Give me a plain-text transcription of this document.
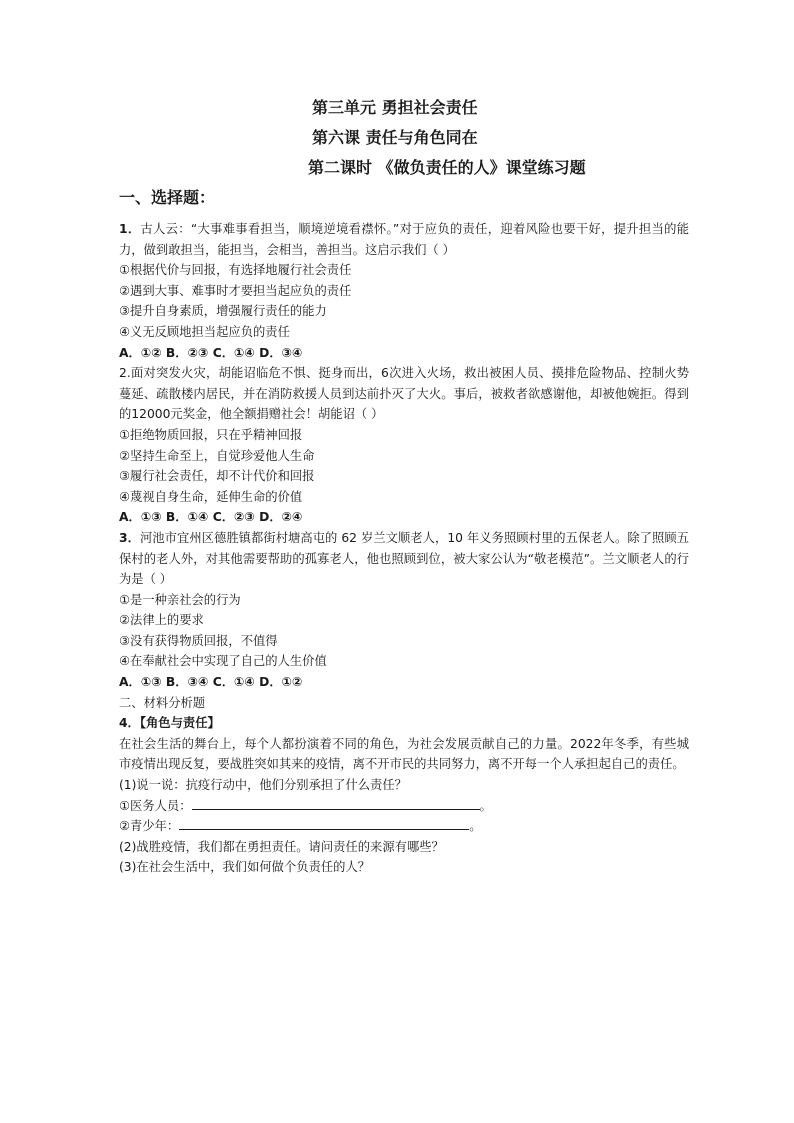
第三单元 勇担社会责任
第六课 责任与角色同在
第二课时 《做负责任的人》课堂练习题
一、选择题：

1．古人云：“大事难事看担当，顺境逆境看襟怀。”对于应负的责任，迎着风险也要干好，提升担当的能力，做到敢担当，能担当，会相当，善担当。这启示我们（ ）

①根据代价与回报，有选择地履行社会责任

②遇到大事、难事时才要担当起应负的责任

③提升自身素质，增强履行责任的能力

④义无反顾地担当起应负的责任

A．①② B．②③ C．①④ D．③④

2.面对突发火灾，胡能诏临危不惧、挺身而出，6次进入火场，救出被困人员、摸排危险物品、控制火势蔓延、疏散楼内居民，并在消防救援人员到达前扑灭了大火。事后，被救者欲感谢他，却被他婉拒。得到的12000元奖金，他全额捐赠社会！胡能诏（ ）

①拒绝物质回报，只在乎精神回报

②坚持生命至上，自觉珍爱他人生命

③履行社会责任，却不计代价和回报

④蔑视自身生命，延伸生命的价值

A．①③ B．①④ C．②③ D．②④

3．河池市宜州区德胜镇都街村塘高屯的 62 岁兰文顺老人，10 年义务照顾村里的五保老人。除了照顾五保村的老人外，对其他需要帮助的孤寡老人，他也照顾到位，被大家公认为“敬老模范”。兰文顺老人的行为是（ ）

①是一种亲社会的行为

②法律上的要求

③没有获得物质回报，不值得

④在奉献社会中实现了自己的人生价值

A．①③ B．③④ C．①④ D．①②

二、材料分析题

4．【角色与责任】

在社会生活的舞台上，每个人都扮演着不同的角色，为社会发展贡献自己的力量。2022年冬季，有些城市疫情出现反复，要战胜突如其来的疫情，离不开市民的共同努力，离不开每一个人承担起自己的责任。

(1)说一说：抗疫行动中，他们分别承担了什么责任？

①医务人员：	。

②青少年：	。

(2)战胜疫情，我们都在勇担责任。请问责任的来源有哪些？

(3)在社会生活中，我们如何做个负责任的人？
